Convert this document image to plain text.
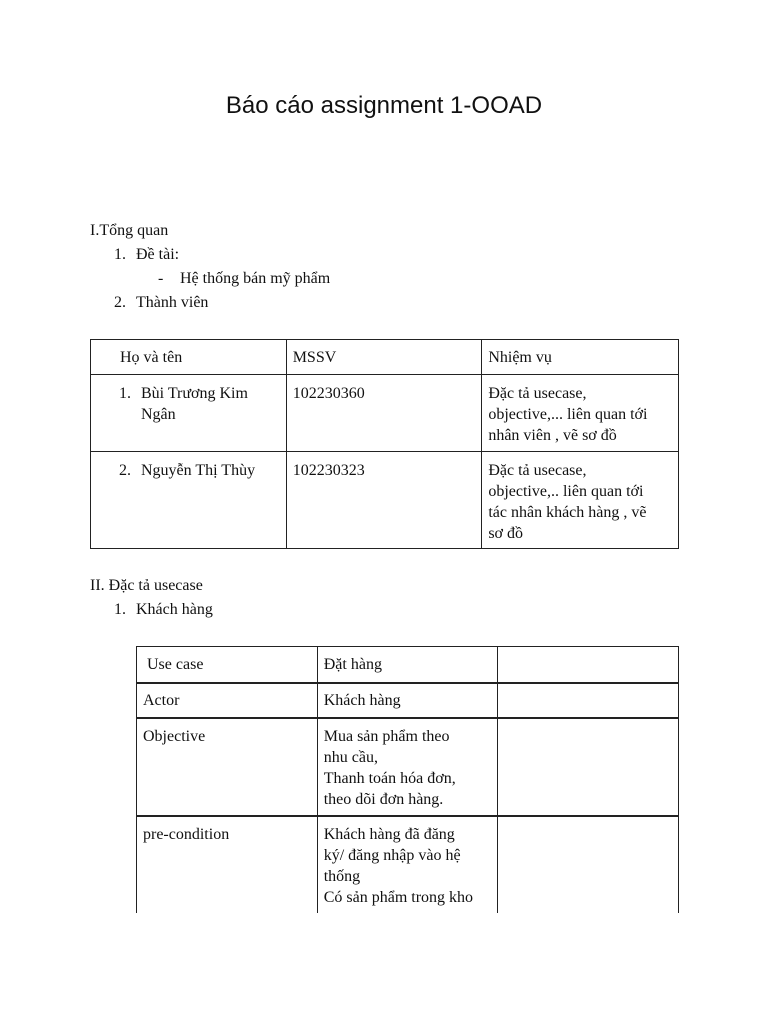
Báo cáo assignment 1-OOAD
I.Tổng quan
1. Đề tài:
- Hệ thống bán mỹ phẩm
2. Thành viên
Họ và tên	MSSV	Nhiệm vụ

1. Bùi Trương Kim
Ngân	102230360	Đặc tả usecase,
objective,... liên quan tới
nhân viên , vẽ sơ đồ

2. Nguyễn Thị Thùy	102230323	Đặc tả usecase,
objective,.. liên quan tới
tác nhân khách hàng , vẽ
sơ đồ
II. Đặc tả usecase
1. Khách hàng
Use case	Đặt hàng	

Actor	Khách hàng	

Objective	Mua sản phẩm theo
nhu cầu,
Thanh toán hóa đơn,
theo dõi đơn hàng.	

pre-condition	Khách hàng đã đăng
ký/ đăng nhập vào hệ
thống
Có sản phẩm trong kho	
